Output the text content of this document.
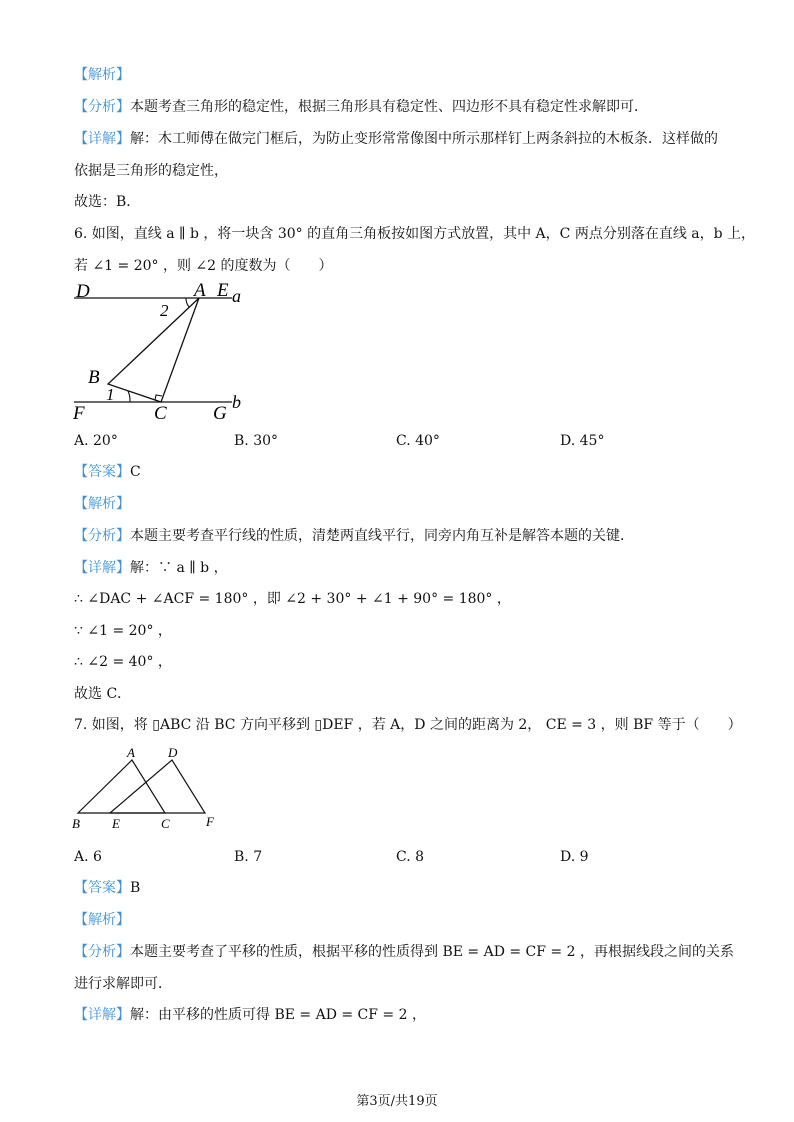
【解析】
【分析】本题考查三角形的稳定性，根据三角形具有稳定性、四边形不具有稳定性求解即可．
【详解】解：木工师傅在做完门框后，为防止变形常常像图中所示那样钉上两条斜拉的木板条．这样做的
依据是三角形的稳定性，
故选：B．
6. 如图，直线 a ∥ b ，将一块含 30° 的直角三角板按如图方式放置，其中 A，C 两点分别落在直线 a，b 上，
若 ∠1 = 20° ，则 ∠2 的度数为（　　）
D	A E a
2
B
1
F	C G
b
A. 20°	B. 30°	C. 40°	D. 45°
【答案】C
【解析】
【分析】本题主要考查平行线的性质，清楚两直线平行，同旁内角互补是解答本题的关键．
【详解】解：∵ a ∥ b ，
∴ ∠DAC + ∠ACF = 180° ，即 ∠2 + 30° + ∠1 + 90° = 180° ，
∵ ∠1 = 20° ，
∴ ∠2 = 40° ，
故选 C．
7. 如图，将 ▯ABC 沿 BC 方向平移到 ▯DEF ，若 A，D 之间的距离为 2， CE = 3 ，则 BF 等于（　　）
A	D
B E	C	F
A. 6	B. 7	C. 8	D. 9
【答案】B
【解析】
【分析】本题主要考查了平移的性质，根据平移的性质得到 BE = AD = CF = 2 ，再根据线段之间的关系
进行求解即可．
【详解】解：由平移的性质可得 BE = AD = CF = 2 ，
第3页/共19页
